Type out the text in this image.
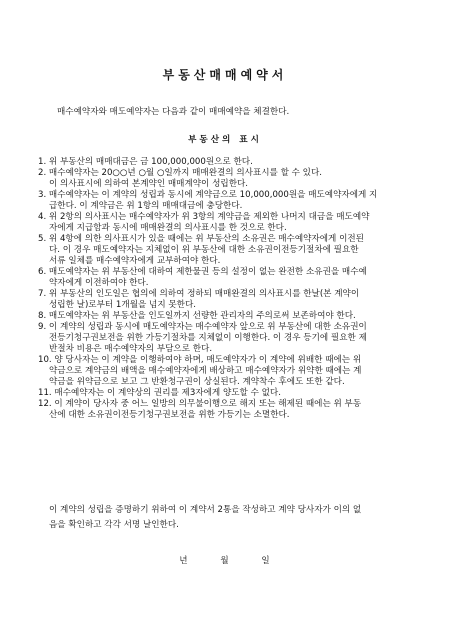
부동산매매예약서
매수예약자와 매도예약자는 다음과 같이 매매예약을 체결한다.
부동산의 표시
1. 위 부동산의 매매대금은 금 100,000,000원으로 한다.
2. 매수예약자는 20○○년 ○월 ○일까지 매매완결의 의사표시를 할 수 있다.
이 의사표시에 의하여 본계약인 매매계약이 성립한다.
3. 매수예약자는 이 계약의 성립과 동시에 계약금으로 10,000,000원을 매도예약자에게 지
급한다. 이 계약금은 위 1항의 매매대금에 충당한다.
4. 위 2항의 의사표시는 매수예약자가 위 3항의 계약금을 제외한 나머지 대금을 매도예약
자에게 지급함과 동시에 매매완결의 의사표시를 한 것으로 한다.
5. 위 4항에 의한 의사표시가 있을 때에는 위 부동산의 소유권은 매수예약자에게 이전된
다. 이 경우 매도예약자는 지체없이 위 부동산에 대한 소유권이전등기절차에 필요한
서류 일체를 매수예약자에게 교부하여야 한다.
6. 매도예약자는 위 부동산에 대하여 제한물권 등의 설정이 없는 완전한 소유권을 매수예
약자에게 이전하여야 한다.
7. 위 부동산의 인도일은 협의에 의하여 정하되 매매완결의 의사표시를 한날(본 계약이
성립한 날)로부터 1개월을 넘지 못한다.
8. 매도예약자는 위 부동산을 인도일까지 선량한 관리자의 주의로써 보존하여야 한다.
9. 이 계약의 성립과 동시에 매도예약자는 매수예약자 앞으로 위 부동산에 대한 소유권이
전등기청구권보전을 위한 가등기절차를 지체없이 이행한다. 이 경우 등기에 필요한 제
반절차 비용은 매수예약자의 부담으로 한다.
10. 양 당사자는 이 계약을 이행하여야 하며, 매도예약자가 이 계약에 위배한 때에는 위
약금으로 계약금의 배액을 매수예약자에게 배상하고 매수예약자가 위약한 때에는 계
약금을 위약금으로 보고 그 반환청구권이 상실된다. 계약착수 후에도 또한 같다.
11. 매수예약자는 이 계약상의 권리를 제3자에게 양도할 수 없다.
12. 이 계약이 당사자 중 어느 일방의 의무불이행으로 해지 또는 해제된 때에는 위 부동
산에 대한 소유권이전등기청구권보전을 위한 가등기는 소멸한다.
이 계약의 성립을 증명하기 위하여 이 계약서 2통을 작성하고 계약 당사자가 이의 없
음을 확인하고 각각 서명 날인한다.
년	월	일
